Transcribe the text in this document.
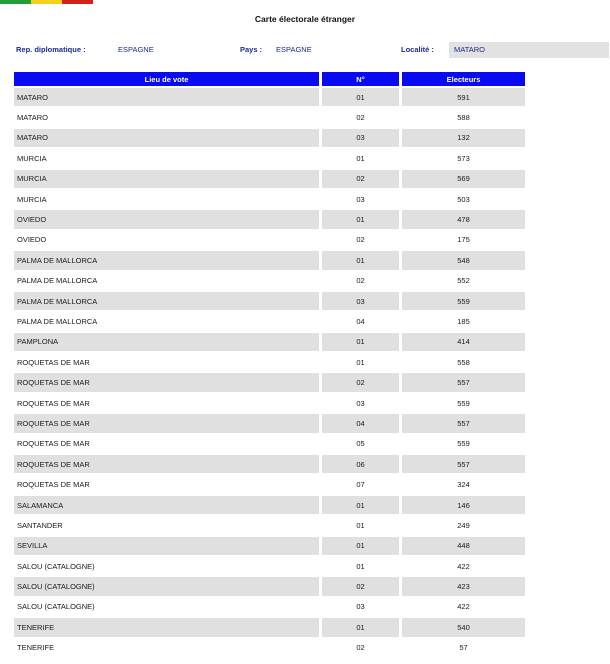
Carte électorale étranger
Rep. diplomatique :	ESPAGNE	Pays : ESPAGNE	Localité :	MATARO
Lieu de vote	N°	Electeurs
MATARO	01	591
MATARO	02	588
MATARO	03	132
MURCIA	01	573
MURCIA	02	569
MURCIA	03	503
OVIEDO	01	478
OVIEDO	02	175
PALMA DE MALLORCA	01	548
PALMA DE MALLORCA	02	552
PALMA DE MALLORCA	03	559
PALMA DE MALLORCA	04	185
PAMPLONA	01	414
ROQUETAS DE MAR	01	558
ROQUETAS DE MAR	02	557
ROQUETAS DE MAR	03	559
ROQUETAS DE MAR	04	557
ROQUETAS DE MAR	05	559
ROQUETAS DE MAR	06	557
ROQUETAS DE MAR	07	324
SALAMANCA	01	146
SANTANDER	01	249
SEVILLA	01	448
SALOU (CATALOGNE)	01	422
SALOU (CATALOGNE)	02	423
SALOU (CATALOGNE)	03	422
TENERIFE	01	540
TENERIFE	02	57
